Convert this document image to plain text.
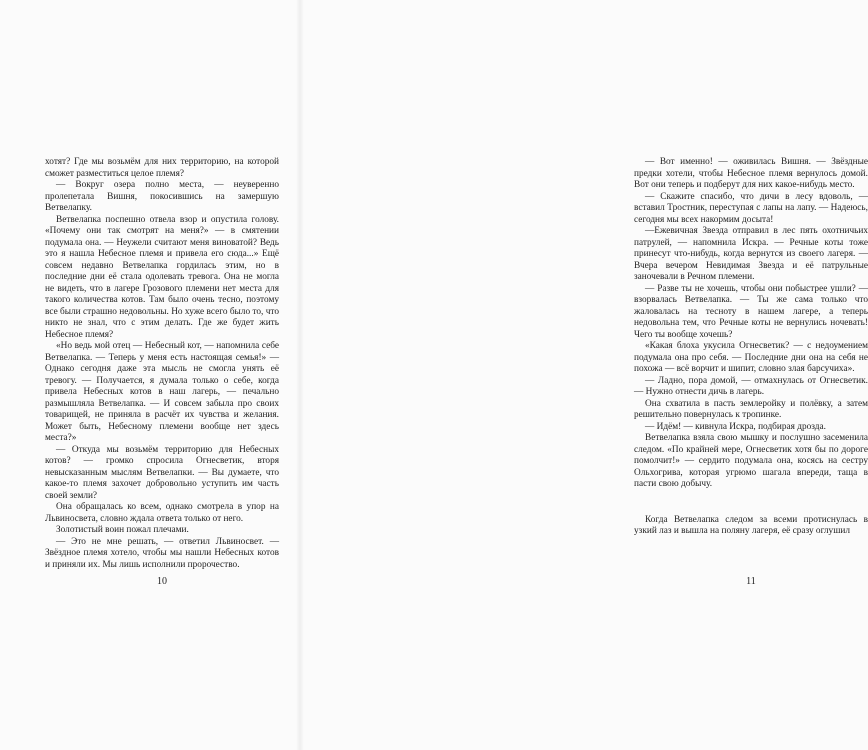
хотят? Где мы возьмём для них территорию, на которой сможет разместиться целое племя?

— Вокруг озера полно места, — неуверенно пролепетала Вишня, покосившись на замершую Ветвелапку.

Ветвелапка поспешно отвела взор и опустила голову. «Почему они так смотрят на меня?» — в смятении подумала она. — Неужели считают меня виноватой? Ведь это я нашла Небесное племя и привела его сюда...» Ещё совсем недавно Ветвелапка гордилась этим, но в последние дни её стала одолевать тревога. Она не могла не видеть, что в лагере Грозового племени нет места для такого количества котов. Там было очень тесно, поэтому все были страшно недовольны. Но хуже всего было то, что никто не знал, что с этим делать. Где же будет жить Небесное племя?

«Но ведь мой отец — Небесный кот, — напомнила себе Ветвелапка. — Теперь у меня есть настоящая семья!» — Однако сегодня даже эта мысль не смогла унять её тревогу. — Получается, я думала только о себе, когда привела Небесных котов в наш лагерь, — печально размышляла Ветвелапка. — И совсем забыла про своих товарищей, не приняла в расчёт их чувства и желания. Может быть, Небесному племени вообще нет здесь места?»

— Откуда мы возьмём территорию для Небесных котов? — громко спросила Огнесветик, вторя невысказанным мыслям Ветвелапки. — Вы думаете, что какое-то племя захочет добровольно уступить им часть своей земли?

Она обращалась ко всем, однако смотрела в упор на Львиносвета, словно ждала ответа только от него.

Золотистый воин пожал плечами.

— Это не мне решать, — ответил Львиносвет. — Звёздное племя хотело, чтобы мы нашли Небесных котов и приняли их. Мы лишь исполнили пророчество.

10

— Вот именно! — оживилась Вишня. — Звёздные предки хотели, чтобы Небесное племя вернулось домой. Вот они теперь и подберут для них какое-нибудь место.

— Скажите спасибо, что дичи в лесу вдоволь, — вставил Тростник, переступая с лапы на лапу. — Надеюсь, сегодня мы всех накормим досыта!

—Ежевичная Звезда отправил в лес пять охотничьих патрулей, — напомнила Искра. — Речные коты тоже принесут что-нибудь, когда вернутся из своего лагеря. — Вчера вечером Невидимая Звезда и её патрульные заночевали в Речном племени.

— Разве ты не хочешь, чтобы они побыстрее ушли? — взорвалась Ветвелапка. — Ты же сама только что жаловалась на тесноту в нашем лагере, а теперь недовольна тем, что Речные коты не вернулись ночевать! Чего ты вообще хочешь?

«Какая блоха укусила Огнесветик? — с недоумением подумала она про себя. — Последние дни она на себя не похожа — всё ворчит и шипит, словно злая барсучиха».

— Ладно, пора домой, — отмахнулась от Огнесветик. — Нужно отнести дичь в лагерь.

Она схватила в пасть землеройку и полёвку, а затем решительно повернулась к тропинке.

— Идём! — кивнула Искра, подбирая дрозда.

Ветвелапка взяла свою мышку и послушно засеменила следом. «По крайней мере, Огнесветик хотя бы по дороге помолчит!» — сердито подумала она, косясь на сестру Ольхогрива, которая угрюмо шагала впереди, таща в пасти свою добычу.

Когда Ветвелапка следом за всеми протиснулась в узкий лаз и вышла на поляну лагеря, её сразу оглушил

11
